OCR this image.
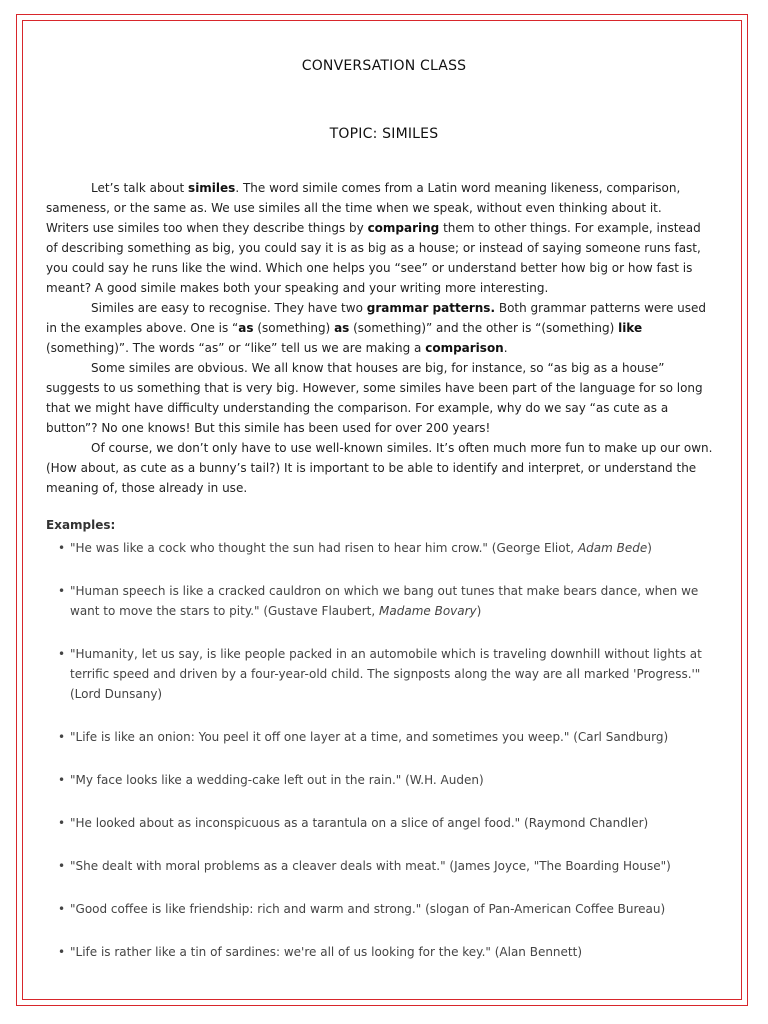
CONVERSATION CLASS
TOPIC: SIMILES

Let’s talk about similes. The word simile comes from a Latin word meaning likeness, comparison, sameness, or the same as. We use similes all the time when we speak, without even thinking about it.

Writers use similes too when they describe things by comparing them to other things. For example, instead of describing something as big, you could say it is as big as a house; or instead of saying someone runs fast, you could say he runs like the wind. Which one helps you “see” or understand better how big or how fast is meant? A good simile makes both your speaking and your writing more interesting.

Similes are easy to recognise. They have two grammar patterns. Both grammar patterns were used in the examples above. One is “as (something) as (something)” and the other is “(something) like (something)”. The words “as” or “like” tell us we are making a comparison.

Some similes are obvious. We all know that houses are big, for instance, so “as big as a house” suggests to us something that is very big. However, some similes have been part of the language for so long that we might have difficulty understanding the comparison. For example, why do we say “as cute as a button”? No one knows! But this simile has been used for over 200 years!

Of course, we don’t only have to use well-known similes. It’s often much more fun to make up our own. (How about, as cute as a bunny’s tail?) It is important to be able to identify and interpret, or understand the meaning of, those already in use.

Examples:
• "He was like a cock who thought the sun had risen to hear him crow." (George Eliot, Adam Bede)
• "Human speech is like a cracked cauldron on which we bang out tunes that make bears dance, when we want to move the stars to pity." (Gustave Flaubert, Madame Bovary)
• "Humanity, let us say, is like people packed in an automobile which is traveling downhill without lights at terrific speed and driven by a four-year-old child. The signposts along the way are all marked 'Progress.'" (Lord Dunsany)
• "Life is like an onion: You peel it off one layer at a time, and sometimes you weep." (Carl Sandburg)
• "My face looks like a wedding-cake left out in the rain." (W.H. Auden)
• "He looked about as inconspicuous as a tarantula on a slice of angel food." (Raymond Chandler)
• "She dealt with moral problems as a cleaver deals with meat." (James Joyce, "The Boarding House")
• "Good coffee is like friendship: rich and warm and strong." (slogan of Pan-American Coffee Bureau)
• "Life is rather like a tin of sardines: we're all of us looking for the key." (Alan Bennett)
